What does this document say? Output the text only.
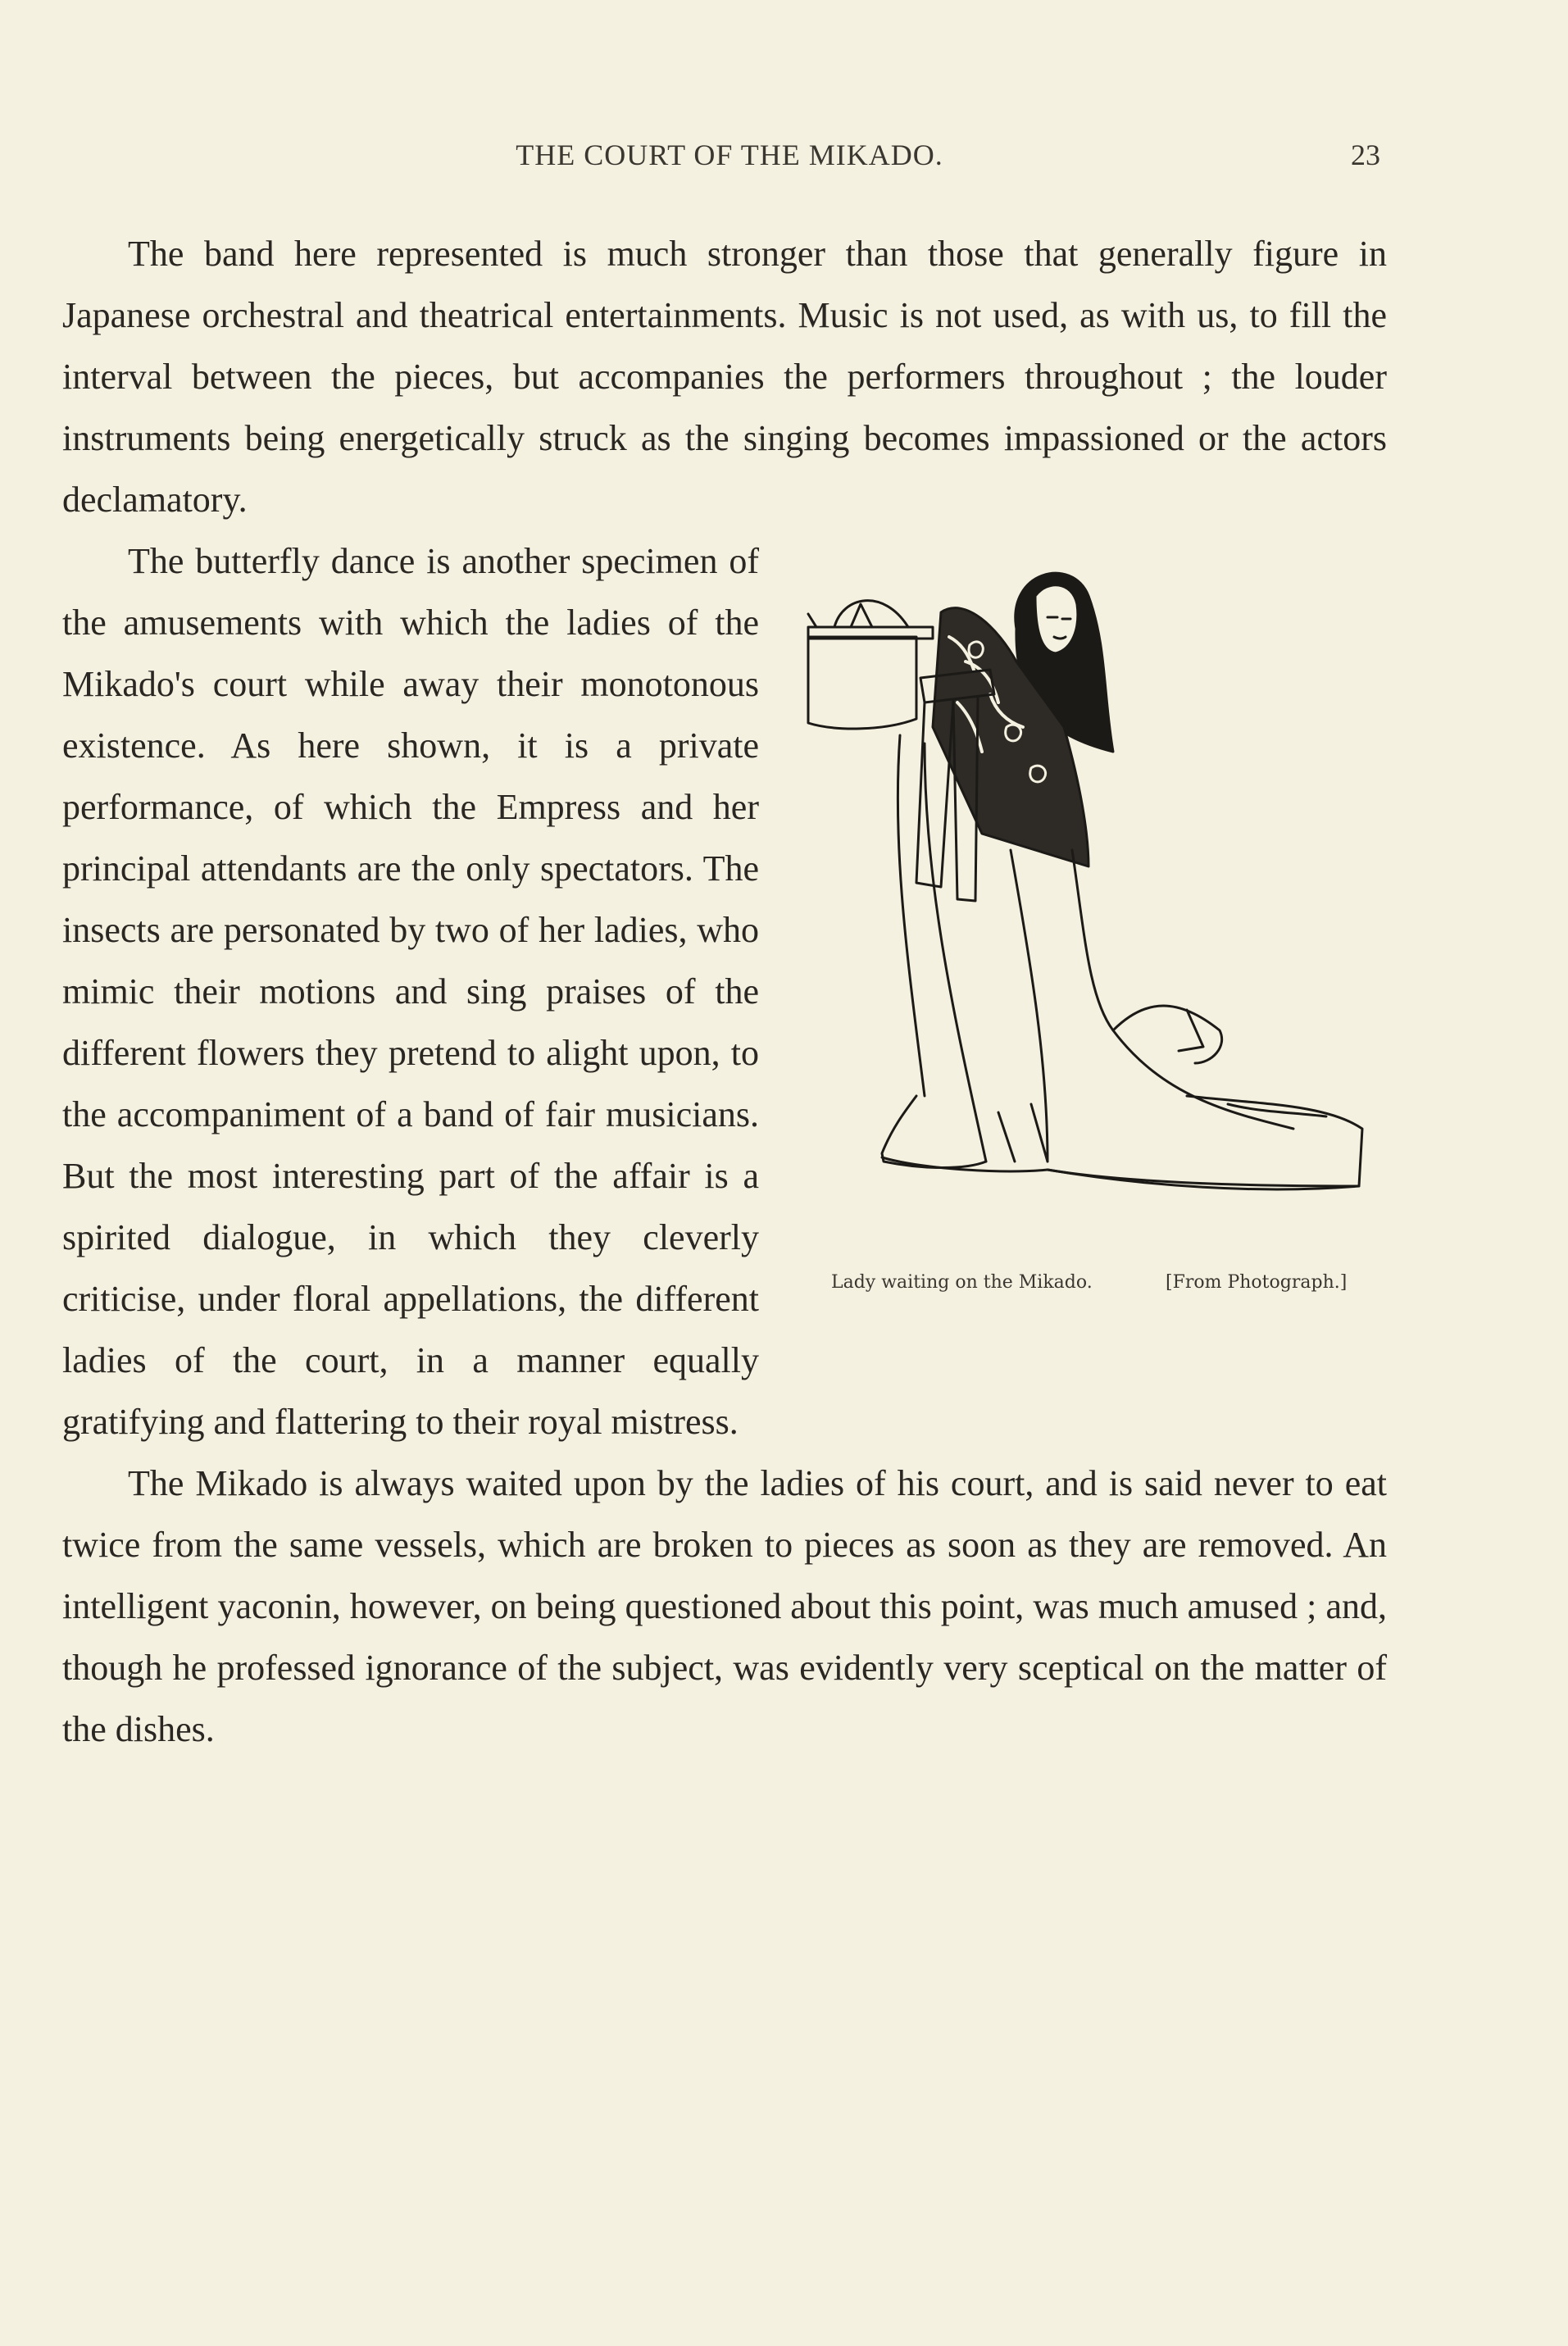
THE COURT OF THE MIKADO.	23

The band here represented is much stronger than those that generally figure in Japanese orchestral and theatrical entertainments. Music is not used, as with us, to fill the interval between the pieces, but accompanies the performers throughout ; the louder instruments being energetically struck as the singing becomes impassioned or the actors declamatory.

Lady waiting on the Mikado.	[From Photograph.]

The butterfly dance is another specimen of the amusements with which the ladies of the Mikado's court while away their monotonous existence. As here shown, it is a private performance, of which the Empress and her principal attendants are the only spectators. The insects are personated by two of her ladies, who mimic their motions and sing praises of the different flowers they pretend to alight upon, to the accompaniment of a band of fair musicians. But the most interesting part of the affair is a spirited dialogue, in which they cleverly criticise, under floral appellations, the different ladies of the court, in a manner equally gratifying and flattering to their royal mistress.

The Mikado is always waited upon by the ladies of his court, and is said never to eat twice from the same vessels, which are broken to pieces as soon as they are removed. An intelligent yaconin, however, on being questioned about this point, was much amused ; and, though he professed ignorance of the subject, was evidently very sceptical on the matter of the dishes.
